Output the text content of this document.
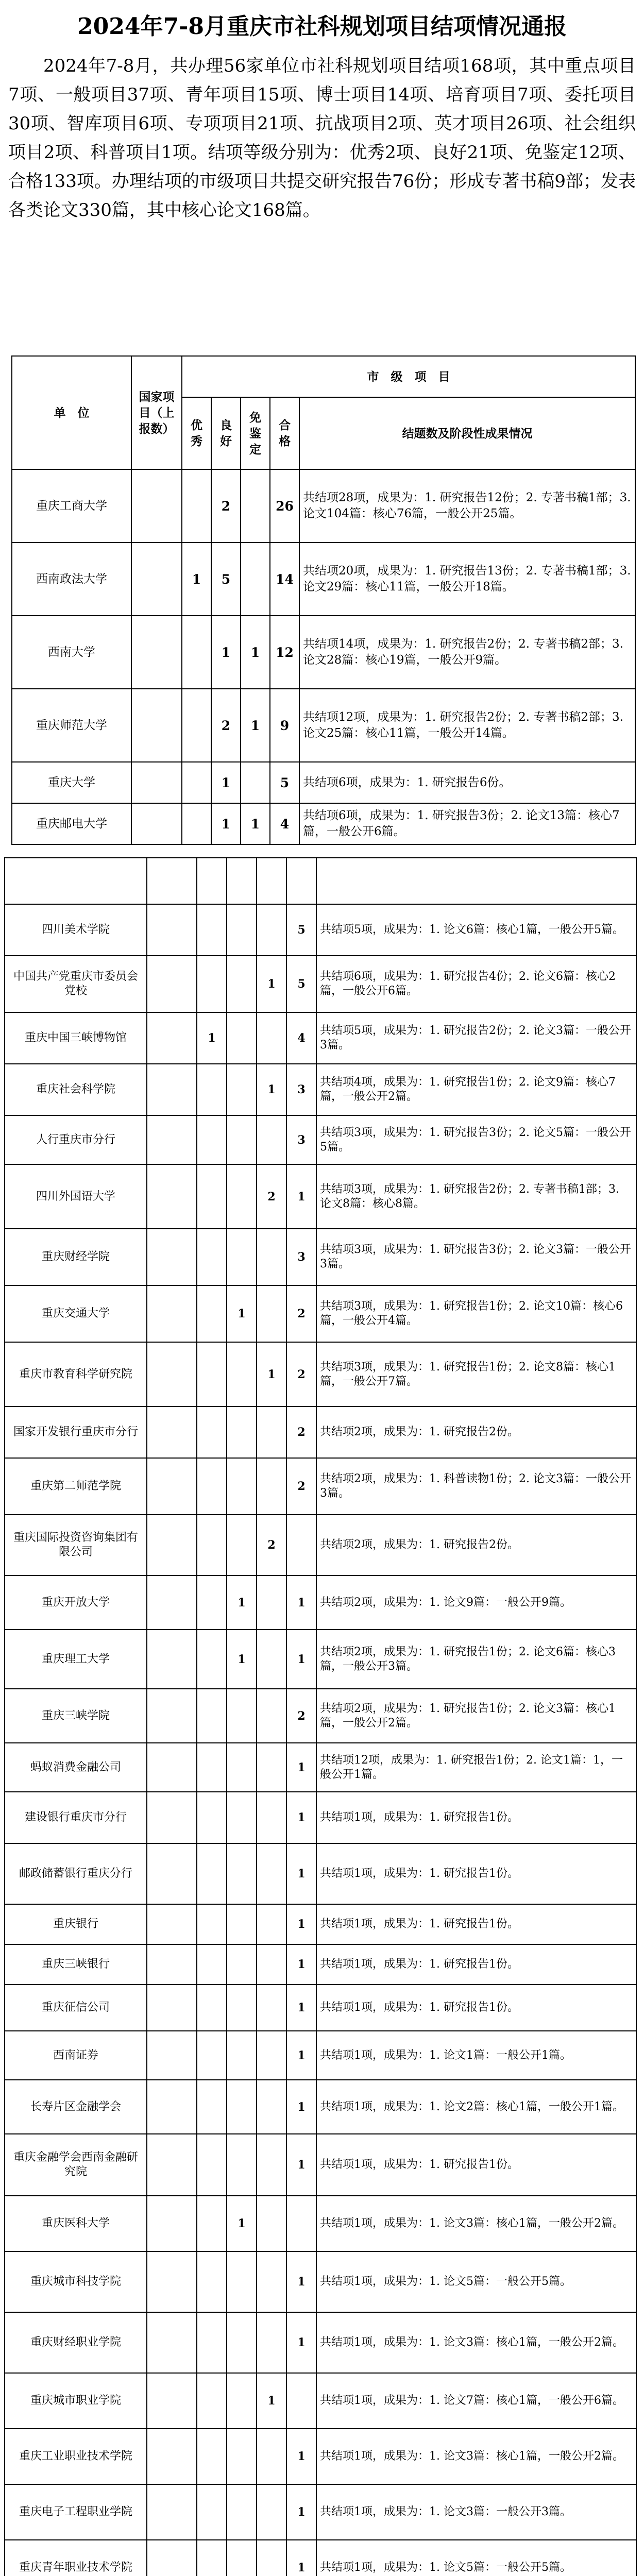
2024年7-8月重庆市社科规划项目结项情况通报

2024年7-8月，共办理56家单位市社科规划项目结项168项，其中重点项目7项、一般项目37项、青年项目15项、博士项目14项、培育项目7项、委托项目30项、智库项目6项、专项项目21项、抗战项目2项、英才项目26项、社会组织项目2项、科普项目1项。结项等级分别为：优秀2项、良好21项、免鉴定12项、合格133项。办理结项的市级项目共提交研究报告76份；形成专著书稿9部；发表各类论文330篇，其中核心论文168篇。

单　位	国家项目（上报数）	市　级　项　目				
		优秀	良好	免鉴定	合格	结题数及阶段性成果情况
重庆工商大学			2		26	共结项28项，成果为：1. 研究报告12份；2. 专著书稿1部；3. 论文104篇：核心76篇，一般公开25篇。
西南政法大学		1	5		14	共结项20项，成果为：1. 研究报告13份；2. 专著书稿1部；3. 论文29篇：核心11篇，一般公开18篇。
西南大学			1	1	12	共结项14项，成果为：1. 研究报告2份；2. 专著书稿2部；3. 论文28篇：核心19篇，一般公开9篇。
重庆师范大学			2	1	9	共结项12项，成果为：1. 研究报告2份；2. 专著书稿2部；3. 论文25篇：核心11篇，一般公开14篇。
重庆大学			1		5	共结项6项，成果为：1. 研究报告6份。
重庆邮电大学			1	1	4	共结项6项，成果为：1. 研究报告3份；2. 论文13篇：核心7篇，一般公开6篇。

四川美术学院					5	共结项5项，成果为：1. 论文6篇：核心1篇，一般公开5篇。
中国共产党重庆市委员会党校				1	5	共结项6项，成果为：1. 研究报告4份；2. 论文6篇：核心2篇，一般公开6篇。
重庆中国三峡博物馆		1			4	共结项5项，成果为：1. 研究报告2份；2. 论文3篇：一般公开3篇。
重庆社会科学院				1	3	共结项4项，成果为：1. 研究报告1份；2. 论文9篇：核心7篇，一般公开2篇。
人行重庆市分行					3	共结项3项，成果为：1. 研究报告3份；2. 论文5篇：一般公开5篇。
四川外国语大学				2	1	共结项3项，成果为：1. 研究报告2份；2. 专著书稿1部；3. 论文8篇：核心8篇。
重庆财经学院					3	共结项3项，成果为：1. 研究报告3份；2. 论文3篇：一般公开3篇。
重庆交通大学			1		2	共结项3项，成果为：1. 研究报告1份；2. 论文10篇：核心6篇，一般公开4篇。
重庆市教育科学研究院				1	2	共结项3项，成果为：1. 研究报告1份；2. 论文8篇：核心1篇，一般公开7篇。
国家开发银行重庆市分行					2	共结项2项，成果为：1. 研究报告2份。
重庆第二师范学院					2	共结项2项，成果为：1. 科普读物1份；2. 论文3篇：一般公开3篇。
重庆国际投资咨询集团有限公司				2		共结项2项，成果为：1. 研究报告2份。
重庆开放大学			1		1	共结项2项，成果为：1. 论文9篇：一般公开9篇。
重庆理工大学			1		1	共结项2项，成果为：1. 研究报告1份；2. 论文6篇：核心3篇，一般公开3篇。
重庆三峡学院					2	共结项2项，成果为：1. 研究报告1份；2. 论文3篇：核心1篇，一般公开2篇。
蚂蚁消费金融公司					1	共结项12项，成果为：1. 研究报告1份；2. 论文1篇：1，一般公开1篇。
建设银行重庆市分行					1	共结项1项，成果为：1. 研究报告1份。
邮政储蓄银行重庆分行					1	共结项1项，成果为：1. 研究报告1份。
重庆银行					1	共结项1项，成果为：1. 研究报告1份。
重庆三峡银行					1	共结项1项，成果为：1. 研究报告1份。
重庆征信公司					1	共结项1项，成果为：1. 研究报告1份。
西南证券					1	共结项1项，成果为：1. 论文1篇：一般公开1篇。
长寿片区金融学会					1	共结项1项，成果为：1. 论文2篇：核心1篇，一般公开1篇。
重庆金融学会西南金融研究院					1	共结项1项，成果为：1. 研究报告1份。
重庆医科大学			1			共结项1项，成果为：1. 论文3篇：核心1篇，一般公开2篇。
重庆城市科技学院					1	共结项1项，成果为：1. 论文5篇：一般公开5篇。
重庆财经职业学院					1	共结项1项，成果为：1. 论文3篇：核心1篇，一般公开2篇。
重庆城市职业学院				1		共结项1项，成果为：1. 论文7篇：核心1篇，一般公开6篇。
重庆工业职业技术学院					1	共结项1项，成果为：1. 论文3篇：核心1篇，一般公开2篇。
重庆电子工程职业学院					1	共结项1项，成果为：1. 论文3篇：一般公开3篇。
重庆青年职业技术学院					1	共结项1项，成果为：1. 论文5篇：一般公开5篇。
